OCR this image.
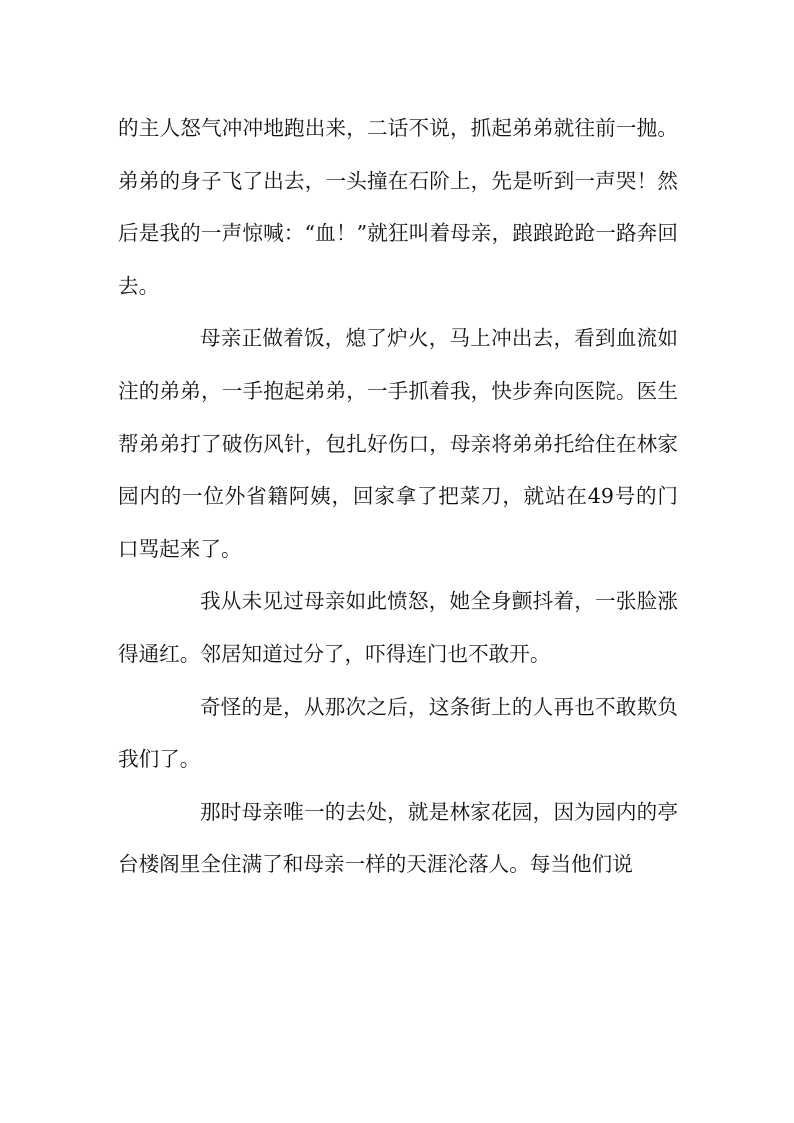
的主人怒气冲冲地跑出来，二话不说，抓起弟弟就往前一抛。弟弟的身子飞了出去，一头撞在石阶上，先是听到一声哭！然后是我的一声惊喊：“血！”就狂叫着母亲，踉踉跄跄一路奔回去。

母亲正做着饭，熄了炉火，马上冲出去，看到血流如注的弟弟，一手抱起弟弟，一手抓着我，快步奔向医院。医生帮弟弟打了破伤风针，包扎好伤口，母亲将弟弟托给住在林家园内的一位外省籍阿姨，回家拿了把菜刀，就站在49号的门口骂起来了。

我从未见过母亲如此愤怒，她全身颤抖着，一张脸涨得通红。邻居知道过分了，吓得连门也不敢开。

奇怪的是，从那次之后，这条街上的人再也不敢欺负我们了。

那时母亲唯一的去处，就是林家花园，因为园内的亭台楼阁里全住满了和母亲一样的天涯沦落人。每当他们说
